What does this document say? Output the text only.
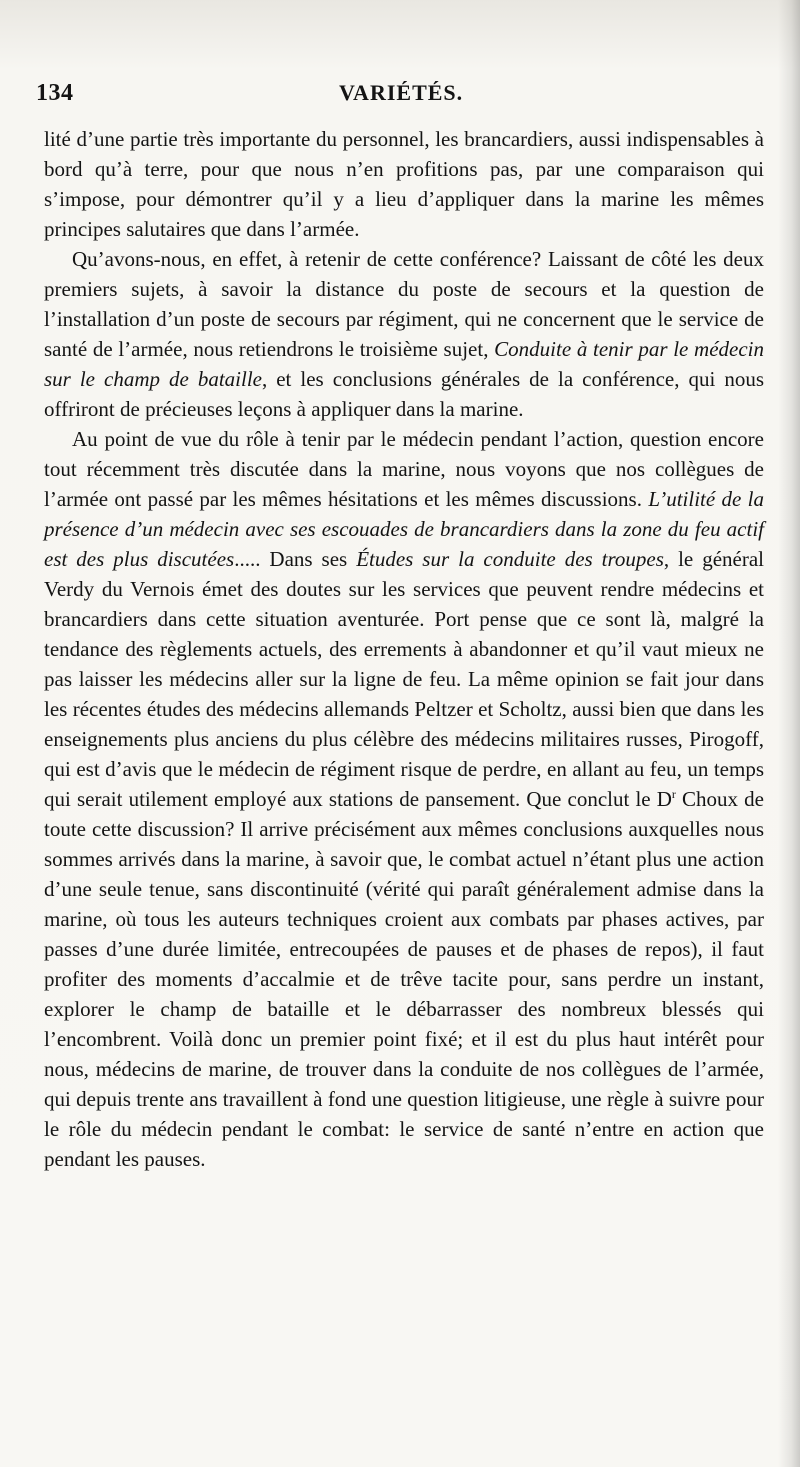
134	VARIÉTÉS.

lité d’une partie très importante du personnel, les brancardiers, aussi indispensables à bord qu’à terre, pour que nous n’en profitions pas, par une comparaison qui s’impose, pour démontrer qu’il y a lieu d’appliquer dans la marine les mêmes principes salutaires que dans l’armée.

Qu’avons-nous, en effet, à retenir de cette conférence? Laissant de côté les deux premiers sujets, à savoir la distance du poste de secours et la question de l’installation d’un poste de secours par régiment, qui ne concernent que le service de santé de l’armée, nous retiendrons le troisième sujet, Conduite à tenir par le médecin sur le champ de bataille, et les conclusions générales de la conférence, qui nous offriront de précieuses leçons à appliquer dans la marine.

Au point de vue du rôle à tenir par le médecin pendant l’action, question encore tout récemment très discutée dans la marine, nous voyons que nos collègues de l’armée ont passé par les mêmes hésitations et les mêmes discussions. L’utilité de la présence d’un médecin avec ses escouades de brancardiers dans la zone du feu actif est des plus discutées..... Dans ses Études sur la conduite des troupes, le général Verdy du Vernois émet des doutes sur les services que peuvent rendre médecins et brancardiers dans cette situation aventurée. Port pense que ce sont là, malgré la tendance des règlements actuels, des errements à abandonner et qu’il vaut mieux ne pas laisser les médecins aller sur la ligne de feu. La même opinion se fait jour dans les récentes études des médecins allemands Peltzer et Scholtz, aussi bien que dans les enseignements plus anciens du plus célèbre des médecins militaires russes, Pirogoff, qui est d’avis que le médecin de régiment risque de perdre, en allant au feu, un temps qui serait utilement employé aux stations de pansement. Que conclut le $D^r$ Choux de toute cette discussion? Il arrive précisément aux mêmes conclusions auxquelles nous sommes arrivés dans la marine, à savoir que, le combat actuel n’étant plus une action d’une seule tenue, sans discontinuité (vérité qui paraît généralement admise dans la marine, où tous les auteurs techniques croient aux combats par phases actives, par passes d’une durée limitée, entrecoupées de pauses et de phases de repos), il faut profiter des moments d’accalmie et de trêve tacite pour, sans perdre un instant, explorer le champ de bataille et le débarrasser des nombreux blessés qui l’encombrent. Voilà donc un premier point fixé; et il est du plus haut intérêt pour nous, médecins de marine, de trouver dans la conduite de nos collègues de l’armée, qui depuis trente ans travaillent à fond une question litigieuse, une règle à suivre pour le rôle du médecin pendant le combat: le service de santé n’entre en action que pendant les pauses.
